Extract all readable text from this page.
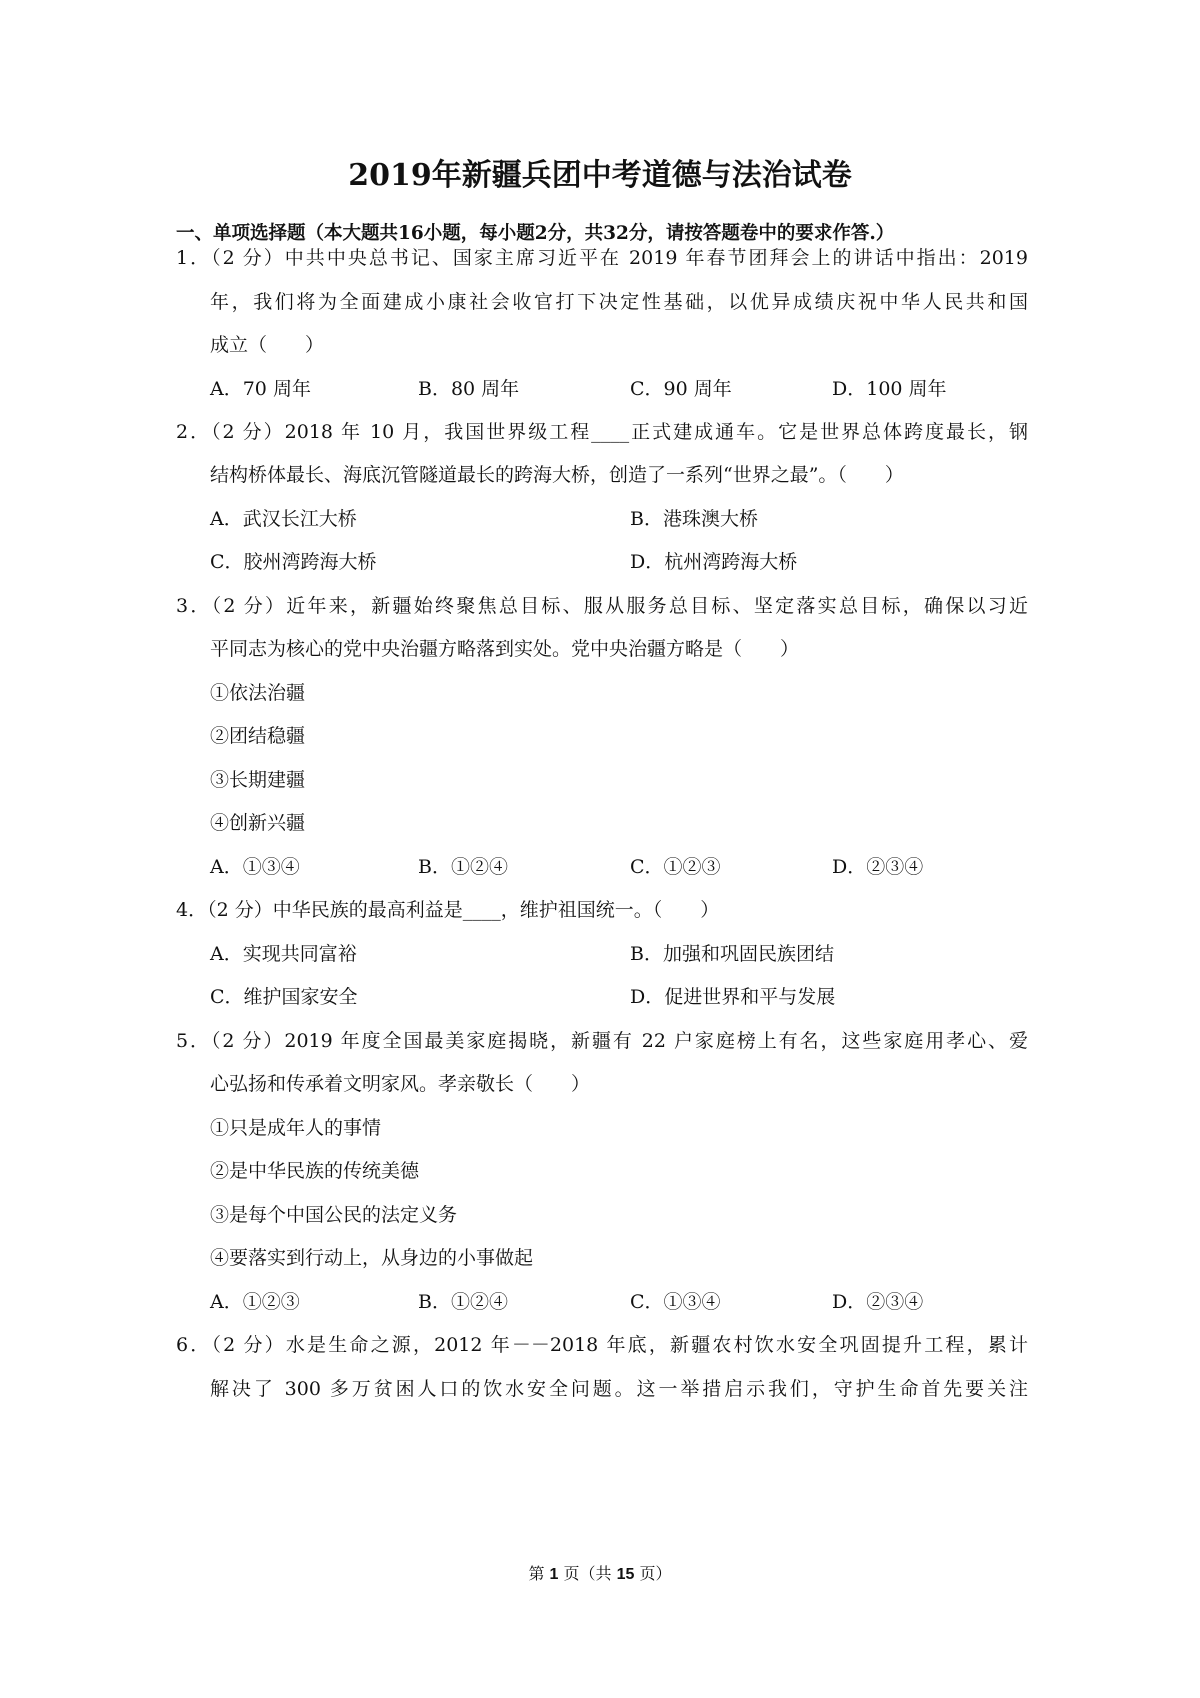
2019年新疆兵团中考道德与法治试卷
一、单项选择题（本大题共16小题，每小题2分，共32分，请按答题卷中的要求作答.）
1．（2 分）中共中央总书记、国家主席习近平在 2019 年春节团拜会上的讲话中指出：2019
年，我们将为全面建成小康社会收官打下决定性基础，以优异成绩庆祝中华人民共和国
成立（　　）
A．70 周年	B．80 周年	C．90 周年	D．100 周年
2．（2 分）2018 年 10 月，我国世界级工程____正式建成通车。它是世界总体跨度最长，钢
结构桥体最长、海底沉管隧道最长的跨海大桥，创造了一系列“世界之最”。（　　）
A．武汉长江大桥	B．港珠澳大桥
C．胶州湾跨海大桥	D．杭州湾跨海大桥
3．（2 分）近年来，新疆始终聚焦总目标、服从服务总目标、坚定落实总目标，确保以习近
平同志为核心的党中央治疆方略落到实处。党中央治疆方略是（　　）
①依法治疆
②团结稳疆
③长期建疆
④创新兴疆
A．①③④	B．①②④	C．①②③	D．②③④
4．（2 分）中华民族的最高利益是____，维护祖国统一。（　　）
A．实现共同富裕	B．加强和巩固民族团结
C．维护国家安全	D．促进世界和平与发展
5．（2 分）2019 年度全国最美家庭揭晓，新疆有 22 户家庭榜上有名，这些家庭用孝心、爱
心弘扬和传承着文明家风。孝亲敬长（　　）
①只是成年人的事情
②是中华民族的传统美德
③是每个中国公民的法定义务
④要落实到行动上，从身边的小事做起
A．①②③	B．①②④	C．①③④	D．②③④
6．（2 分）水是生命之源，2012 年－－2018 年底，新疆农村饮水安全巩固提升工程，累计
解决了 300 多万贫困人口的饮水安全问题。这一举措启示我们，守护生命首先要关注
第 1 页（共 15 页）
